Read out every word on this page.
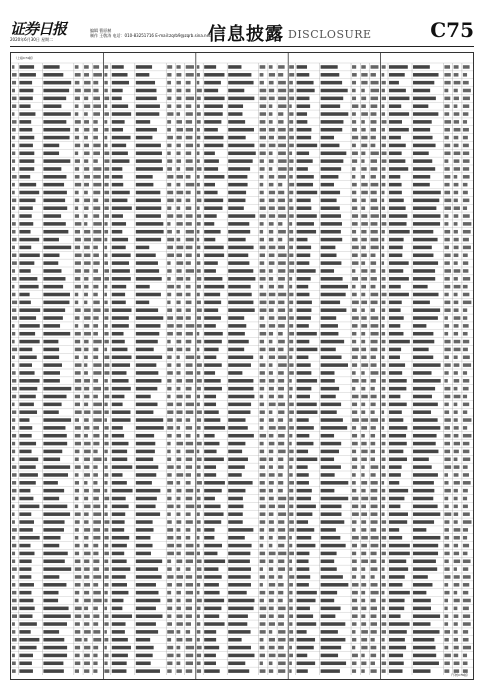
证券日报
2020年6月30日 星期二
编辑 曹原赫
制作 王敬涛 电话：010-83251716 E-mail:zqrb9@zqrb.sina.net
信息披露 DISCLOSURE	C75
（上接C74版）
（下转C76版）
